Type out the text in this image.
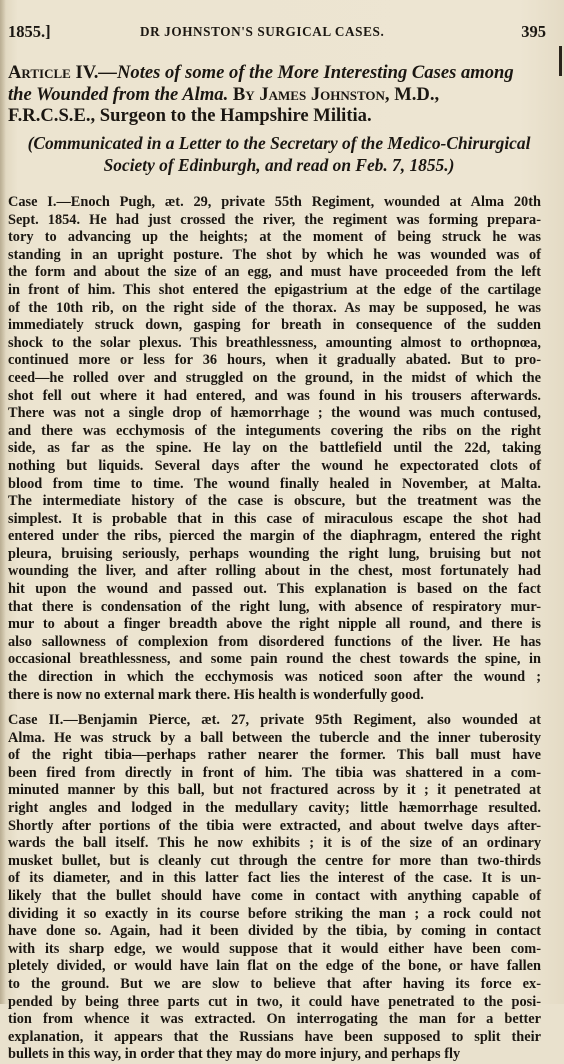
1855.]	DR JOHNSTON'S SURGICAL CASES.	395
Article IV.—Notes of some of the More Interesting Cases among
the Wounded from the Alma. By James Johnston, M.D.,
F.R.C.S.E., Surgeon to the Hampshire Militia.
(Communicated in a Letter to the Secretary of the Medico-Chirurgical
Society of Edinburgh, and read on Feb. 7, 1855.)
Case I.—Enoch Pugh, æt. 29, private 55th Regiment, wounded at Alma 20th
Sept. 1854. He had just crossed the river, the regiment was forming prepara-
tory to advancing up the heights; at the moment of being struck he was
standing in an upright posture. The shot by which he was wounded was of
the form and about the size of an egg, and must have proceeded from the left
in front of him. This shot entered the epigastrium at the edge of the cartilage
of the 10th rib, on the right side of the thorax. As may be supposed, he was
immediately struck down, gasping for breath in consequence of the sudden
shock to the solar plexus. This breathlessness, amounting almost to orthopnœa,
continued more or less for 36 hours, when it gradually abated. But to pro-
ceed—he rolled over and struggled on the ground, in the midst of which the
shot fell out where it had entered, and was found in his trousers afterwards.
There was not a single drop of hæmorrhage ; the wound was much contused,
and there was ecchymosis of the integuments covering the ribs on the right
side, as far as the spine. He lay on the battlefield until the 22d, taking
nothing but liquids. Several days after the wound he expectorated clots of
blood from time to time. The wound finally healed in November, at Malta.
The intermediate history of the case is obscure, but the treatment was the
simplest. It is probable that in this case of miraculous escape the shot had
entered under the ribs, pierced the margin of the diaphragm, entered the right
pleura, bruising seriously, perhaps wounding the right lung, bruising but not
wounding the liver, and after rolling about in the chest, most fortunately had
hit upon the wound and passed out. This explanation is based on the fact
that there is condensation of the right lung, with absence of respiratory mur-
mur to about a finger breadth above the right nipple all round, and there is
also sallowness of complexion from disordered functions of the liver. He has
occasional breathlessness, and some pain round the chest towards the spine, in
the direction in which the ecchymosis was noticed soon after the wound ;
there is now no external mark there. His health is wonderfully good.
Case II.—Benjamin Pierce, æt. 27, private 95th Regiment, also wounded at
Alma. He was struck by a ball between the tubercle and the inner tuberosity
of the right tibia—perhaps rather nearer the former. This ball must have
been fired from directly in front of him. The tibia was shattered in a com-
minuted manner by this ball, but not fractured across by it ; it penetrated at
right angles and lodged in the medullary cavity; little hæmorrhage resulted.
Shortly after portions of the tibia were extracted, and about twelve days after-
wards the ball itself. This he now exhibits ; it is of the size of an ordinary
musket bullet, but is cleanly cut through the centre for more than two-thirds
of its diameter, and in this latter fact lies the interest of the case. It is un-
likely that the bullet should have come in contact with anything capable of
dividing it so exactly in its course before striking the man ; a rock could not
have done so. Again, had it been divided by the tibia, by coming in contact
with its sharp edge, we would suppose that it would either have been com-
pletely divided, or would have lain flat on the edge of the bone, or have fallen
to the ground. But we are slow to believe that after having its force ex-
pended by being three parts cut in two, it could have penetrated to the posi-
tion from whence it was extracted. On interrogating the man for a better
explanation, it appears that the Russians have been supposed to split their
bullets in this way, in order that they may do more injury, and perhaps fly
